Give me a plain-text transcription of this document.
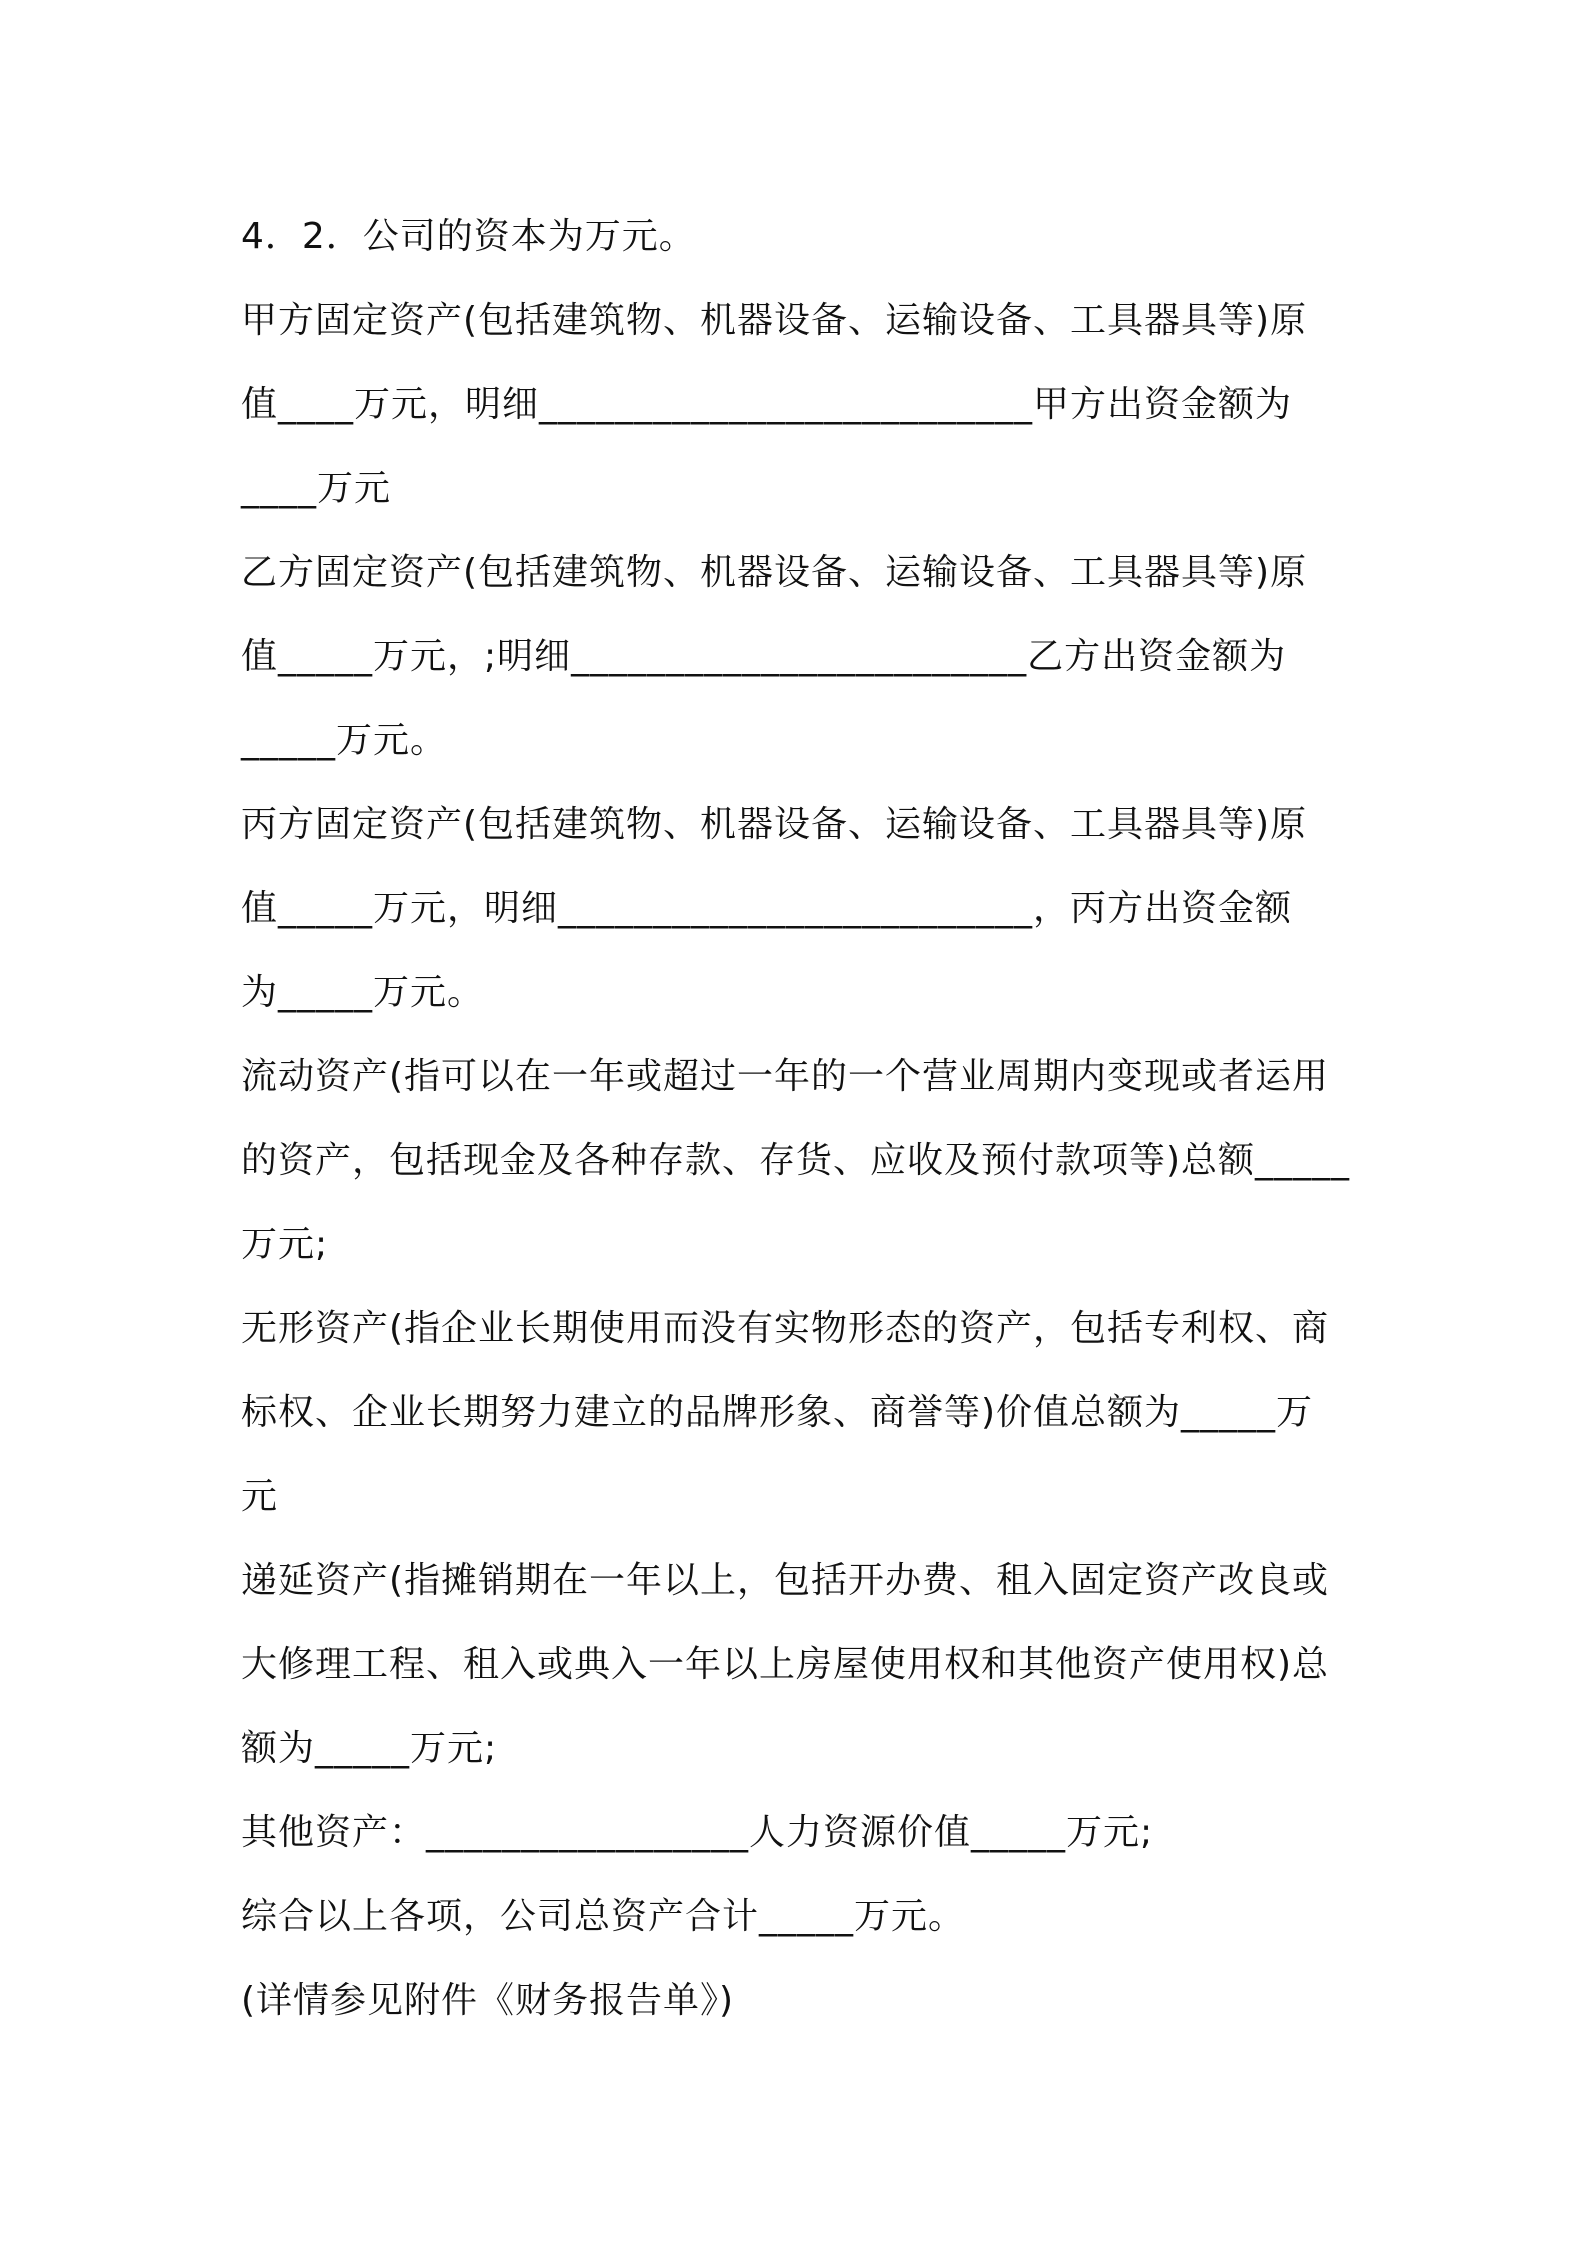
4．2．公司的资本为万元。
甲方固定资产(包括建筑物、机器设备、运输设备、工具器具等)原
值____万元，明细__________________________甲方出资金额为
____万元
乙方固定资产(包括建筑物、机器设备、运输设备、工具器具等)原
值_____万元，;明细________________________乙方出资金额为
_____万元。
丙方固定资产(包括建筑物、机器设备、运输设备、工具器具等)原
值_____万元，明细_________________________，丙方出资金额
为_____万元。
流动资产(指可以在一年或超过一年的一个营业周期内变现或者运用
的资产，包括现金及各种存款、存货、应收及预付款项等)总额_____
万元;
无形资产(指企业长期使用而没有实物形态的资产，包括专利权、商
标权、企业长期努力建立的品牌形象、商誉等)价值总额为_____万
元
递延资产(指摊销期在一年以上，包括开办费、租入固定资产改良或
大修理工程、租入或典入一年以上房屋使用权和其他资产使用权)总
额为_____万元;
其他资产：_________________人力资源价值_____万元;
综合以上各项，公司总资产合计_____万元。
(详情参见附件《财务报告单》)
